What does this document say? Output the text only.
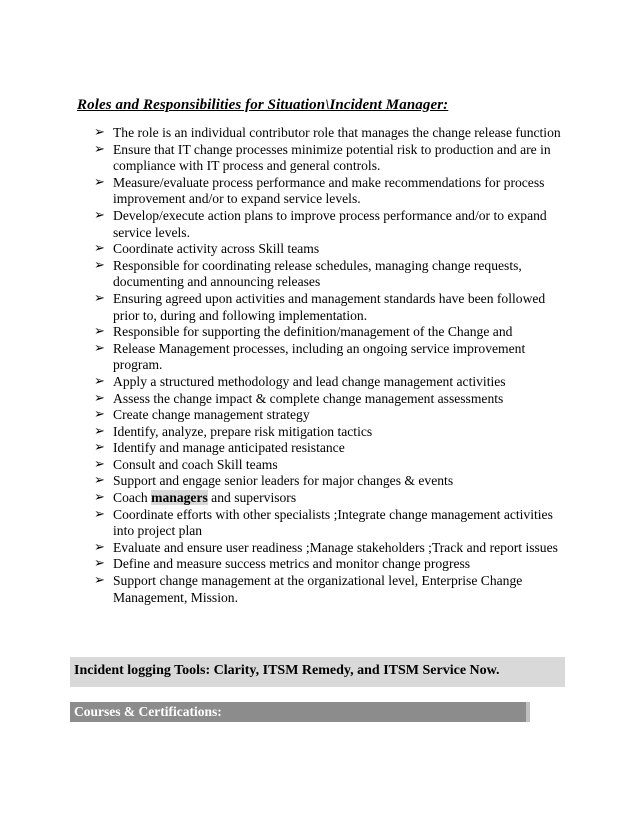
Roles and Responsibilities for Situation\Incident Manager:
➢ The role is an individual contributor role that manages the change release function
➢ Ensure that IT change processes minimize potential risk to production and are in compliance with IT process and general controls.
➢ Measure/evaluate process performance and make recommendations for process improvement and/or to expand service levels.
➢ Develop/execute action plans to improve process performance and/or to expand service levels.
➢ Coordinate activity across Skill teams
➢ Responsible for coordinating release schedules, managing change requests, documenting and announcing releases
➢ Ensuring agreed upon activities and management standards have been followed prior to, during and following implementation.
➢ Responsible for supporting the definition/management of the Change and
➢ Release Management processes, including an ongoing service improvement program.
➢ Apply a structured methodology and lead change management activities
➢ Assess the change impact & complete change management assessments
➢ Create change management strategy
➢ Identify, analyze, prepare risk mitigation tactics
➢ Identify and manage anticipated resistance
➢ Consult and coach Skill teams
➢ Support and engage senior leaders for major changes & events
➢ Coach managers and supervisors
➢ Coordinate efforts with other specialists ;Integrate change management activities into project plan
➢ Evaluate and ensure user readiness ;Manage stakeholders ;Track and report issues
➢ Define and measure success metrics and monitor change progress
➢ Support change management at the organizational level, Enterprise Change Management, Mission.
Incident logging Tools: Clarity, ITSM Remedy, and ITSM Service Now.
Courses & Certifications:
